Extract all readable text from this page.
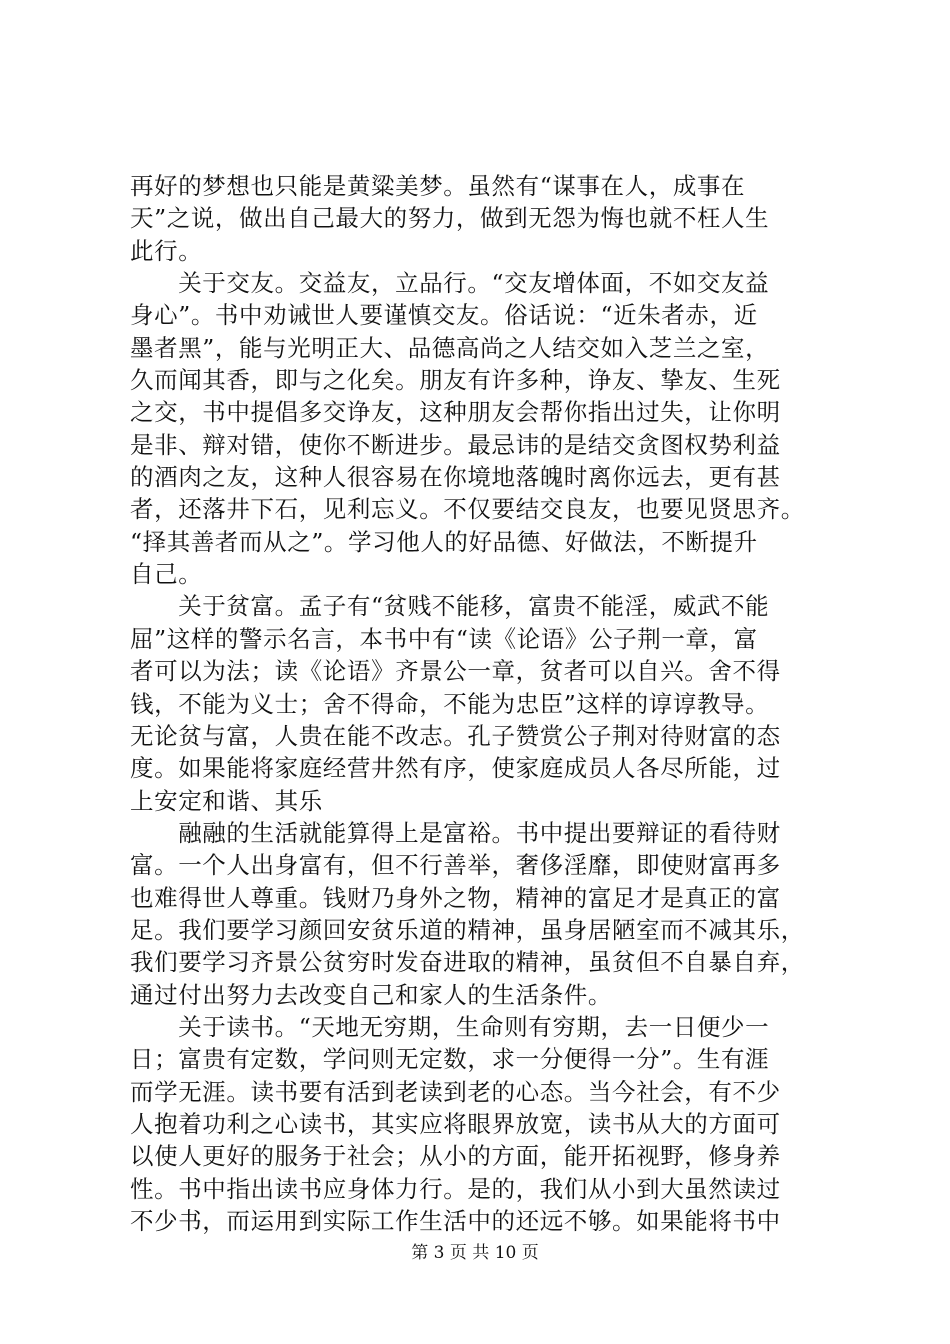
再好的梦想也只能是黄粱美梦。虽然有“谋事在人，成事在
天”之说，做出自己最大的努力，做到无怨为悔也就不枉人生
此行。
　　关于交友。交益友，立品行。“交友增体面，不如交友益
身心”。书中劝诫世人要谨慎交友。俗话说：“近朱者赤，近
墨者黑”，能与光明正大、品德高尚之人结交如入芝兰之室，
久而闻其香，即与之化矣。朋友有许多种，诤友、挚友、生死
之交，书中提倡多交诤友，这种朋友会帮你指出过失，让你明
是非、辩对错，使你不断进步。最忌讳的是结交贪图权势利益
的酒肉之友，这种人很容易在你境地落魄时离你远去，更有甚
者，还落井下石，见利忘义。不仅要结交良友，也要见贤思齐。
“择其善者而从之”。学习他人的好品德、好做法，不断提升
自己。
　　关于贫富。孟子有“贫贱不能移，富贵不能淫，威武不能
屈”这样的警示名言，本书中有“读《论语》公子荆一章，富
者可以为法；读《论语》齐景公一章，贫者可以自兴。舍不得
钱，不能为义士；舍不得命，不能为忠臣”这样的谆谆教导。
无论贫与富，人贵在能不改志。孔子赞赏公子荆对待财富的态
度。如果能将家庭经营井然有序，使家庭成员人各尽所能，过
上安定和谐、其乐
　　融融的生活就能算得上是富裕。书中提出要辩证的看待财
富。一个人出身富有，但不行善举，奢侈淫靡，即使财富再多
也难得世人尊重。钱财乃身外之物，精神的富足才是真正的富
足。我们要学习颜回安贫乐道的精神，虽身居陋室而不减其乐，
我们要学习齐景公贫穷时发奋进取的精神，虽贫但不自暴自弃，
通过付出努力去改变自己和家人的生活条件。
　　关于读书。“天地无穷期，生命则有穷期，去一日便少一
日；富贵有定数，学问则无定数，求一分便得一分”。生有涯
而学无涯。读书要有活到老读到老的心态。当今社会，有不少
人抱着功利之心读书，其实应将眼界放宽，读书从大的方面可
以使人更好的服务于社会；从小的方面，能开拓视野，修身养
性。书中指出读书应身体力行。是的，我们从小到大虽然读过
不少书，而运用到实际工作生活中的还远不够。如果能将书中
第 3 页 共 10 页
